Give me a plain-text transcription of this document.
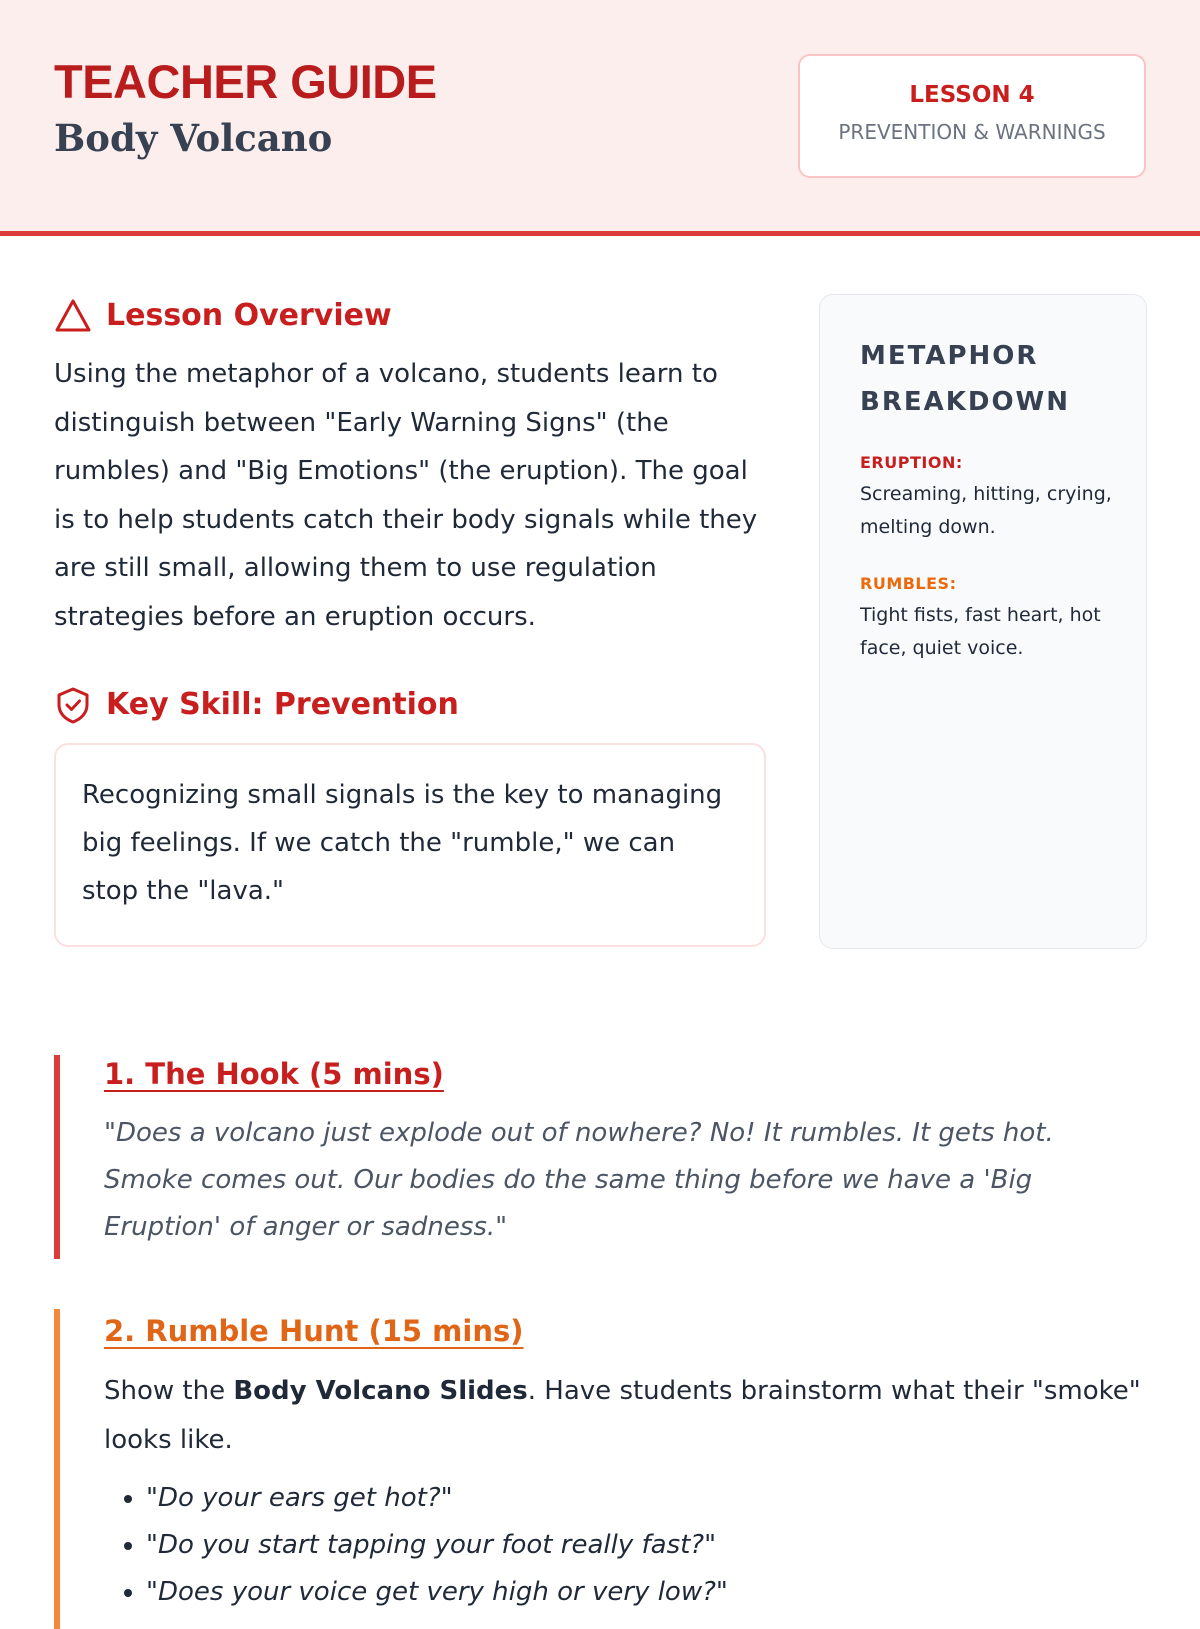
TEACHER GUIDE
Body Volcano
LESSON 4
PREVENTION & WARNINGS
Lesson Overview

Using the metaphor of a volcano, students learn to distinguish between "Early Warning Signs" (the rumbles) and "Big Emotions" (the eruption). The goal is to help students catch their body signals while they are still small, allowing them to use regulation strategies before an eruption occurs.

Key Skill: Prevention

Recognizing small signals is the key to managing big feelings. If we catch the "rumble," we can stop the "lava."

METAPHOR BREAKDOWN
ERUPTION:

Screaming, hitting, crying, melting down.

RUMBLES:

Tight fists, fast heart, hot face, quiet voice.

1. The Hook (5 mins)

"Does a volcano just explode out of nowhere? No! It rumbles. It gets hot. Smoke comes out. Our bodies do the same thing before we have a 'Big Eruption' of anger or sadness."

2. Rumble Hunt (15 mins)

Show the Body Volcano Slides. Have students brainstorm what their "smoke" looks like.

• "Do your ears get hot?"
• "Do you start tapping your foot really fast?"
• "Does your voice get very high or very low?"
